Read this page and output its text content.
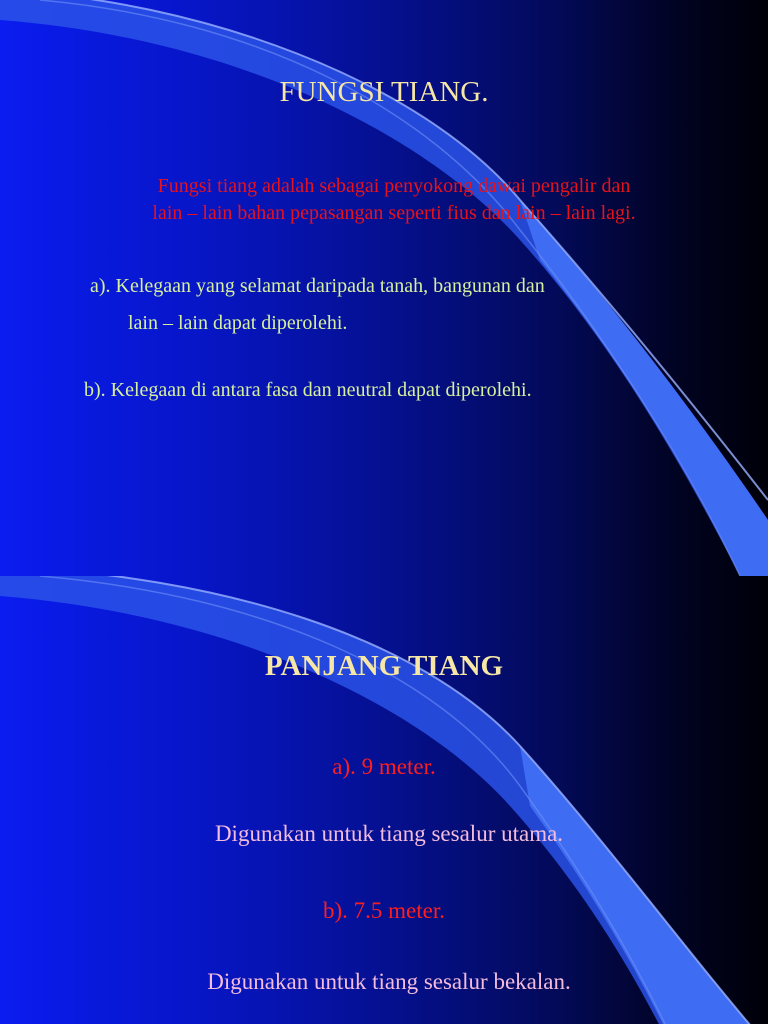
FUNGSI TIANG.
Fungsi tiang adalah sebagai penyokong dawai pengalir dan
lain – lain bahan pepasangan seperti fius dan lain – lain lagi.
a). Kelegaan yang selamat daripada tanah, bangunan dan
lain – lain dapat diperolehi.
b). Kelegaan di antara fasa dan neutral dapat diperolehi.
PANJANG TIANG
a). 9 meter.
Digunakan untuk tiang sesalur utama.
b). 7.5 meter.
Digunakan untuk tiang sesalur bekalan.
